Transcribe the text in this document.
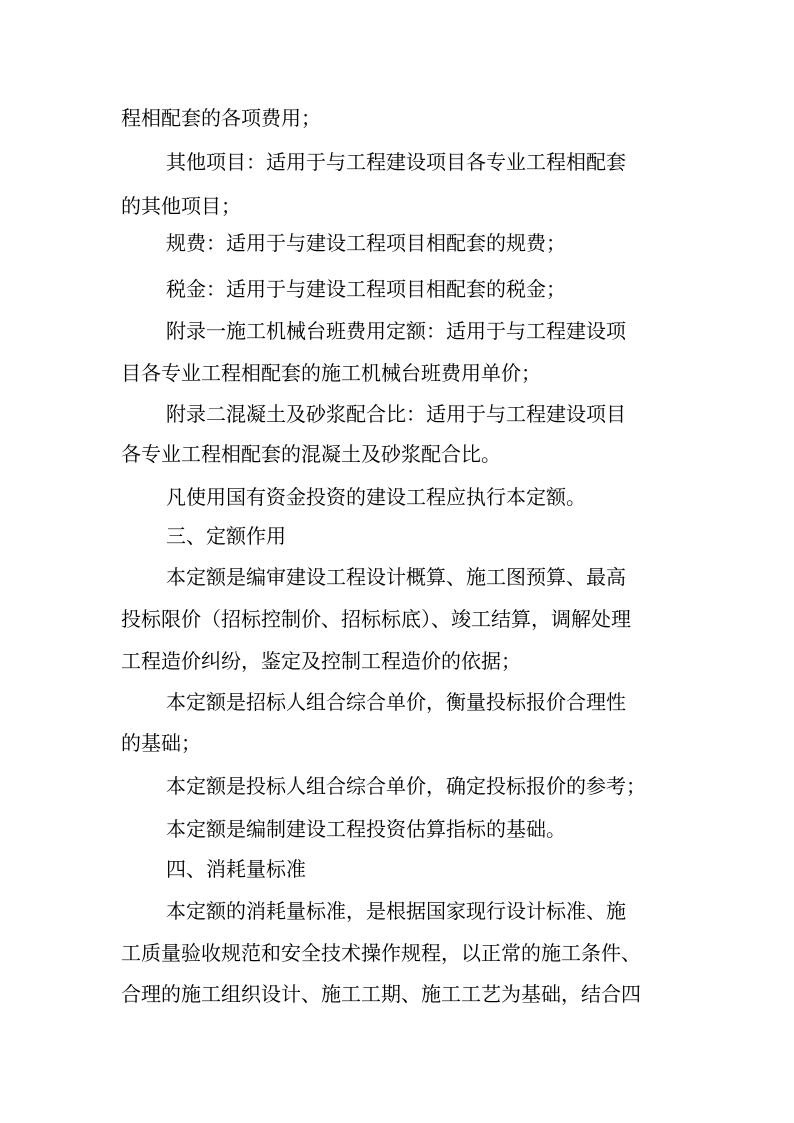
程相配套的各项费用；
其他项目：适用于与工程建设项目各专业工程相配套
的其他项目；
规费：适用于与建设工程项目相配套的规费；
税金：适用于与建设工程项目相配套的税金；
附录一施工机械台班费用定额：适用于与工程建设项
目各专业工程相配套的施工机械台班费用单价；
附录二混凝土及砂浆配合比：适用于与工程建设项目
各专业工程相配套的混凝土及砂浆配合比。
凡使用国有资金投资的建设工程应执行本定额。
三、定额作用
本定额是编审建设工程设计概算、施工图预算、最高
投标限价（招标控制价、招标标底）、竣工结算，调解处理
工程造价纠纷，鉴定及控制工程造价的依据；
本定额是招标人组合综合单价，衡量投标报价合理性
的基础；
本定额是投标人组合综合单价，确定投标报价的参考；
本定额是编制建设工程投资估算指标的基础。
四、消耗量标准
本定额的消耗量标准，是根据国家现行设计标准、施
工质量验收规范和安全技术操作规程，以正常的施工条件、
合理的施工组织设计、施工工期、施工工艺为基础，结合四
